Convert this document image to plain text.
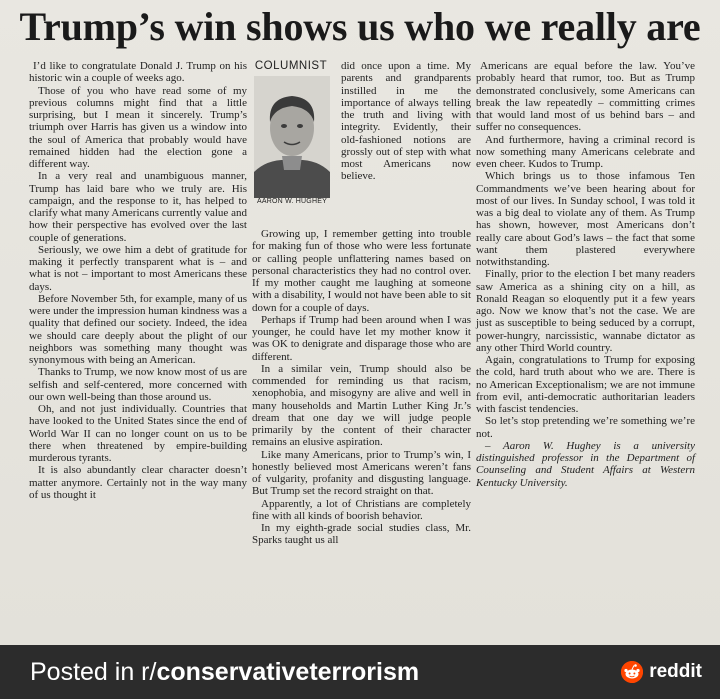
Trump’s win shows us who we really are

I’d like to congratulate Donald J. Trump on his historic win a couple of weeks ago.

Those of you who have read some of my previous columns might find that a little surprising, but I mean it sincerely. Trump’s triumph over Harris has given us a window into the soul of America that probably would have remained hidden had the election gone a different way.

In a very real and unambiguous manner, Trump has laid bare who we truly are. His campaign, and the response to it, has helped to clarify what many Americans currently value and how their perspective has evolved over the last couple of generations.

Seriously, we owe him a debt of gratitude for making it perfectly transparent what is – and what is not – important to most Americans these days.

Before November 5th, for example, many of us were under the impression human kindness was a quality that defined our society. Indeed, the idea we should care deeply about the plight of our neighbors was something many thought was synonymous with being an American.

Thanks to Trump, we now know most of us are selfish and self-centered, more concerned with our own well-being than those around us.

Oh, and not just individually. Countries that have looked to the United States since the end of World War II can no longer count on us to be there when threatened by empire-building murderous tyrants.

It is also abundantly clear character doesn’t matter anymore. Certainly not in the way many of us thought it

COLUMNIST
AARON W. HUGHEY

did once upon a time. My parents and grandparents instilled in me the importance of always telling the truth and living with integrity. Evidently, their old-fashioned notions are grossly out of step with what most Americans now believe.

Growing up, I remember getting into trouble for making fun of those who were less fortunate or calling people unflattering names based on personal characteristics they had no control over. If my mother caught me laughing at someone with a disability, I would not have been able to sit down for a couple of days.

Perhaps if Trump had been around when I was younger, he could have let my mother know it was OK to denigrate and disparage those who are different.

In a similar vein, Trump should also be commended for reminding us that racism, xenophobia, and misogyny are alive and well in many households and Martin Luther King Jr.’s dream that one day we will judge people primarily by the content of their character remains an elusive aspiration.

Like many Americans, prior to Trump’s win, I honestly believed most Americans weren’t fans of vulgarity, profanity and disgusting language. But Trump set the record straight on that.

Apparently, a lot of Christians are completely fine with all kinds of boorish behavior.

In my eighth-grade social studies class, Mr. Sparks taught us all

Americans are equal before the law. You’ve probably heard that rumor, too. But as Trump demonstrated conclusively, some Americans can break the law repeatedly – committing crimes that would land most of us behind bars – and suffer no consequences.

And furthermore, having a criminal record is now something many Americans celebrate and even cheer. Kudos to Trump.

Which brings us to those infamous Ten Commandments we’ve been hearing about for most of our lives. In Sunday school, I was told it was a big deal to violate any of them. As Trump has shown, however, most Americans don’t really care about God’s laws – the fact that some want them plastered everywhere notwithstanding.

Finally, prior to the election I bet many readers saw America as a shining city on a hill, as Ronald Reagan so eloquently put it a few years ago. Now we know that’s not the case. We are just as susceptible to being seduced by a corrupt, power-hungry, narcissistic, wannabe dictator as any other Third World country.

Again, congratulations to Trump for exposing the cold, hard truth about who we are. There is no American Exceptionalism; we are not immune from evil, anti-democratic authoritarian leaders with fascist tendencies.

So let’s stop pretending we’re something we’re not.

– Aaron W. Hughey is a university distinguished professor in the Department of Counseling and Student Affairs at Western Kentucky University.

Posted in r/conservativeterrorism	reddit
